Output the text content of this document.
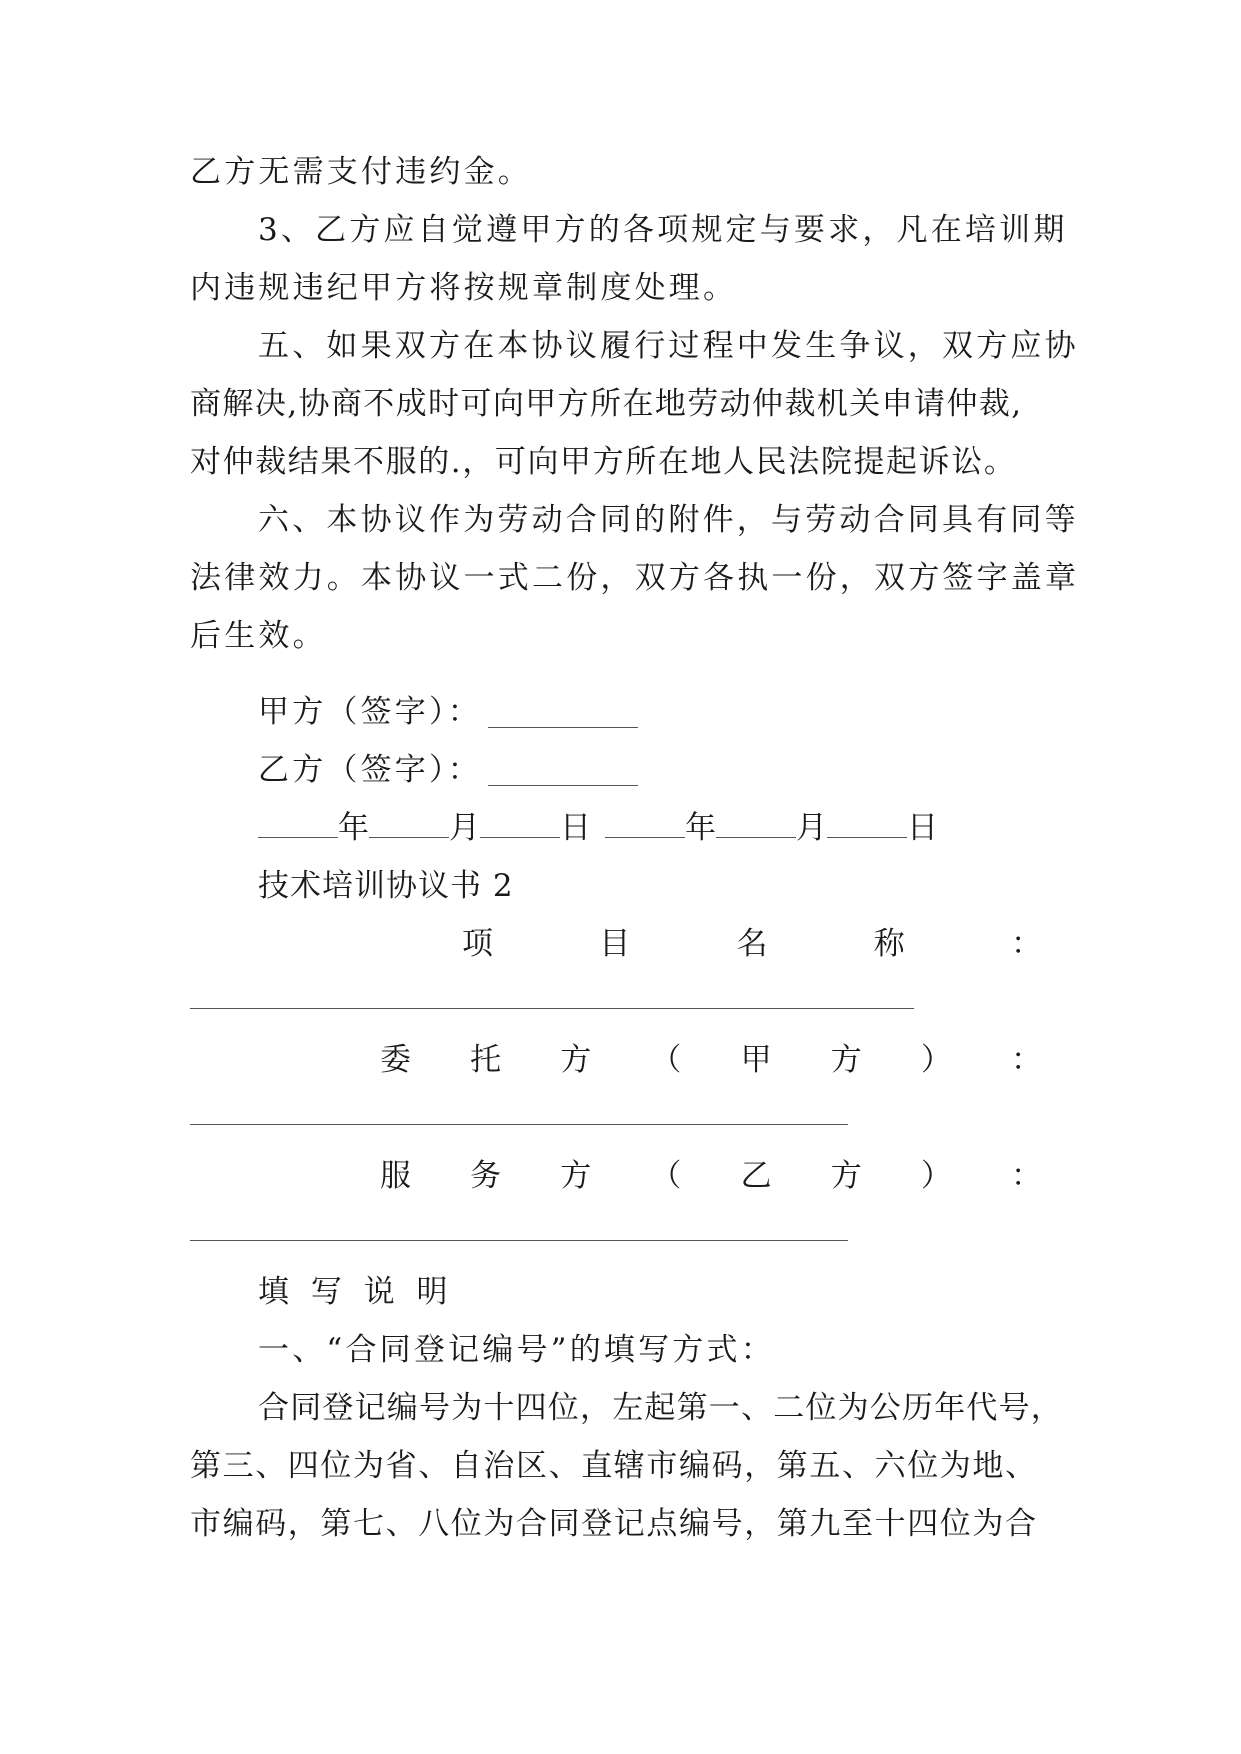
乙方无需支付违约金。
3、乙方应自觉遵甲方的各项规定与要求，凡在培训期
内违规违纪甲方将按规章制度处理。
五、如果双方在本协议履行过程中发生争议，双方应协
商解决,协商不成时可向甲方所在地劳动仲裁机关申请仲裁,
对仲裁结果不服的.，可向甲方所在地人民法院提起诉讼。
六、本协议作为劳动合同的附件，与劳动合同具有同等
法律效力。本协议一式二份，双方各执一份，双方签字盖章
后生效。
甲方（签字）：
乙方（签字）：
年	月	日	年	月	日
技术培训协议书 2
项	目	名	称	：
委 托 方 （ 甲 方 ） ：
服 务 方 （ 乙 方 ） ：
填 写 说 明
一、“合同登记编号”的填写方式：
合同登记编号为十四位，左起第一、二位为公历年代号，
第三、四位为省、自治区、直辖市编码，第五、六位为地、
市编码，第七、八位为合同登记点编号，第九至十四位为合
